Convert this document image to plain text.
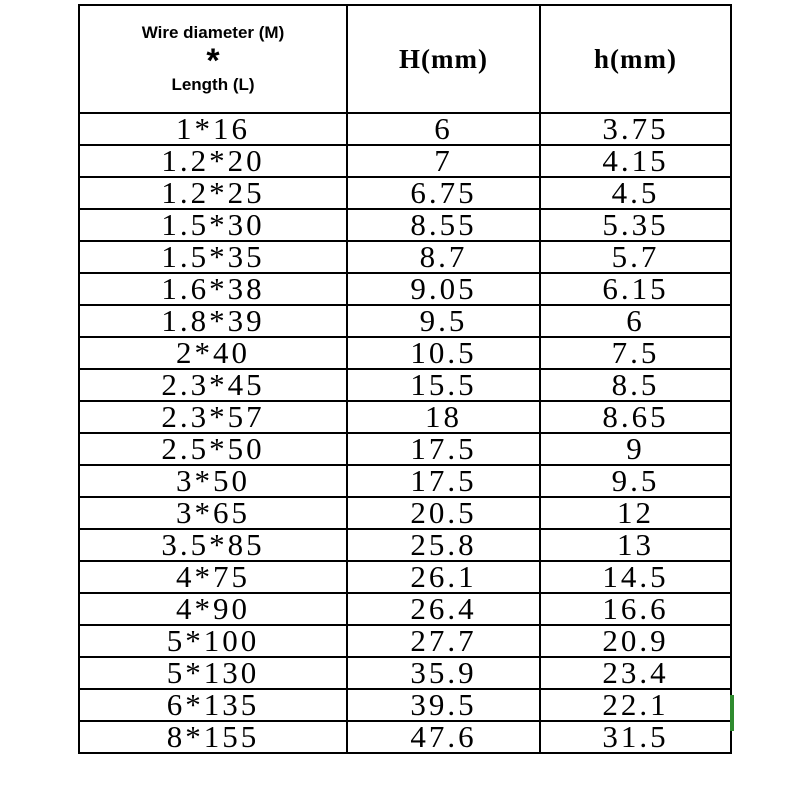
Wire diameter (M)
*
Length (L)	H(mm)	h(mm)
1*16	6	3.75
1.2*20	7	4.15
1.2*25	6.75	4.5
1.5*30	8.55	5.35
1.5*35	8.7	5.7
1.6*38	9.05	6.15
1.8*39	9.5	6
2*40	10.5	7.5
2.3*45	15.5	8.5
2.3*57	18	8.65
2.5*50	17.5	9
3*50	17.5	9.5
3*65	20.5	12
3.5*85	25.8	13
4*75	26.1	14.5
4*90	26.4	16.6
5*100	27.7	20.9
5*130	35.9	23.4
6*135	39.5	22.1
8*155	47.6	31.5
